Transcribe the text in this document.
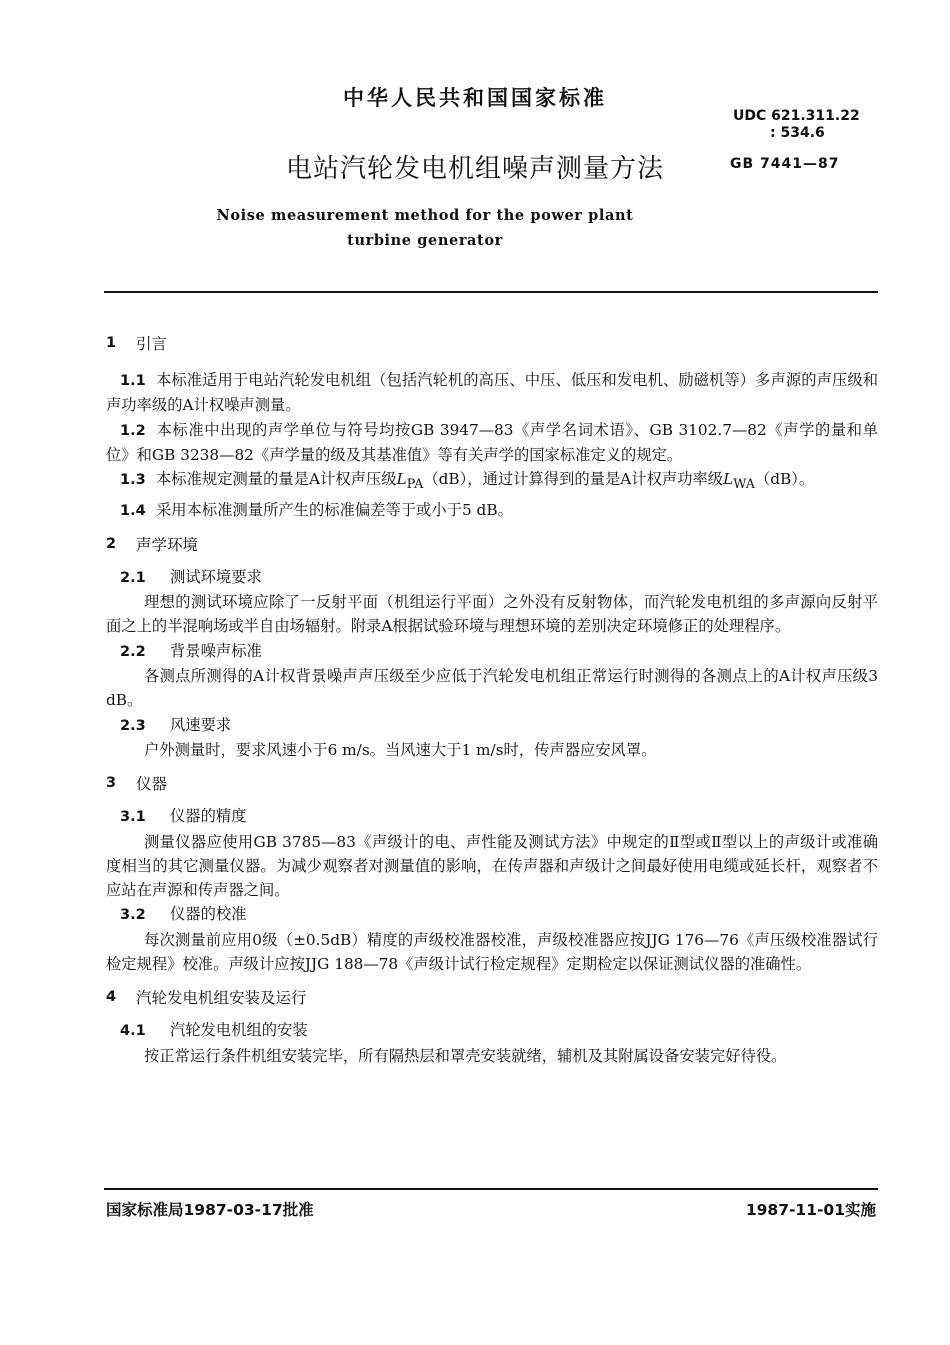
中华人民共和国国家标准
UDC 621.311.22
: 534.6
电站汽轮发电机组噪声测量方法	GB 7441—87
Noise measurement method for the power plant
turbine generator
1	引言
1.1 本标准适用于电站汽轮发电机组（包括汽轮机的高压、中压、低压和发电机、励磁机等）多声源的声压级和声功率级的A计权噪声测量。
1.2 本标准中出现的声学单位与符号均按GB 3947—83《声学名词术语》、GB 3102.7—82《声学的量和单位》和GB 3238—82《声学量的级及其基准值》等有关声学的国家标准定义的规定。
1.3 本标准规定测量的量是A计权声压级$L_{PA}(dB)$，通过计算得到的量是A计权声功率级$L_{WA}(dB)$。
1.4 采用本标准测量所产生的标准偏差等于或小于5 dB。
2	声学环境
2.1 测试环境要求
理想的测试环境应除了一反射平面（机组运行平面）之外没有反射物体，而汽轮发电机组的多声源向反射平面之上的半混响场或半自由场辐射。附录A根据试验环境与理想环境的差别决定环境修正的处理程序。
2.2 背景噪声标准
各测点所测得的A计权背景噪声声压级至少应低于汽轮发电机组正常运行时测得的各测点上的A计权声压级3 dB。
2.3 风速要求
户外测量时，要求风速小于6 m/s。当风速大于1 m/s时，传声器应安风罩。
3	仪器
3.1 仪器的精度
测量仪器应使用GB 3785—83《声级计的电、声性能及测试方法》中规定的Ⅱ型或Ⅱ型以上的声级计或准确度相当的其它测量仪器。为减少观察者对测量值的影响，在传声器和声级计之间最好使用电缆或延长杆，观察者不应站在声源和传声器之间。
3.2 仪器的校准
每次测量前应用0级（±0.5dB）精度的声级校准器校准，声级校准器应按JJG 176—76《声压级校准器试行检定规程》校准。声级计应按JJG 188—78《声级计试行检定规程》定期检定以保证测试仪器的准确性。
4	汽轮发电机组安装及运行
4.1 汽轮发电机组的安装
按正常运行条件机组安装完毕，所有隔热层和罩壳安装就绪，辅机及其附属设备安装完好待役。
国家标准局1987-03-17批准	1987-11-01实施
